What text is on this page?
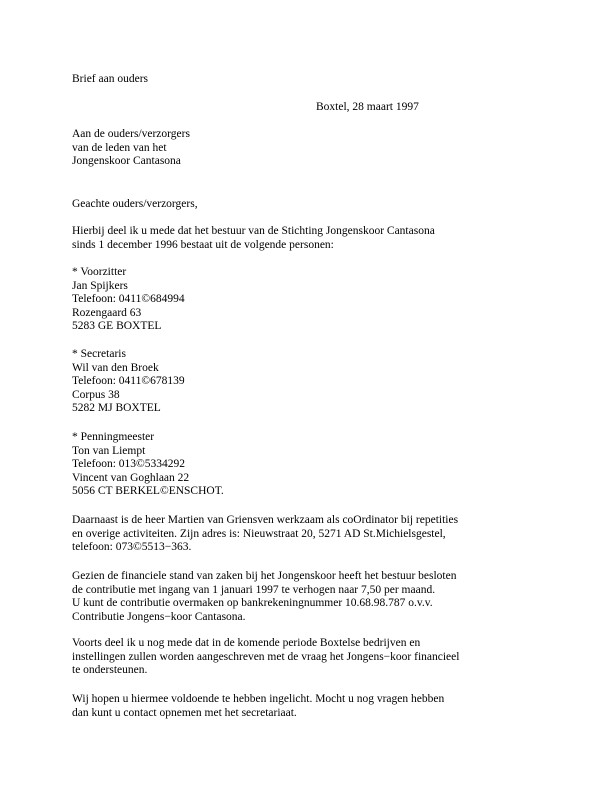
Brief aan ouders
Boxtel, 28 maart 1997
Aan de ouders/verzorgers
van de leden van het
Jongenskoor Cantasona
Geachte ouders/verzorgers,
Hierbij deel ik u mede dat het bestuur van de Stichting Jongenskoor Cantasona
sinds 1 december 1996 bestaat uit de volgende personen:
* Voorzitter
Jan Spijkers
Telefoon: 0411©684994
Rozengaard 63
5283 GE BOXTEL
* Secretaris
Wil van den Broek
Telefoon: 0411©678139
Corpus 38
5282 MJ BOXTEL
* Penningmeester
Ton van Liempt
Telefoon: 013©5334292
Vincent van Goghlaan 22
5056 CT BERKEL©ENSCHOT.
Daarnaast is de heer Martien van Griensven werkzaam als coOrdinator bij repetities
en overige activiteiten. Zijn adres is: Nieuwstraat 20, 5271 AD St.Michielsgestel,
telefoon: 073©5513−363.
Gezien de financiele stand van zaken bij het Jongenskoor heeft het bestuur besloten
de contributie met ingang van 1 januari 1997 te verhogen naar 7,50 per maand.
U kunt de contributie overmaken op bankrekeningnummer 10.68.98.787 o.v.v.
Contributie Jongens−koor Cantasona.
Voorts deel ik u nog mede dat in de komende periode Boxtelse bedrijven en
instellingen zullen worden aangeschreven met de vraag het Jongens−koor financieel
te ondersteunen.
Wij hopen u hiermee voldoende te hebben ingelicht. Mocht u nog vragen hebben
dan kunt u contact opnemen met het secretariaat.
